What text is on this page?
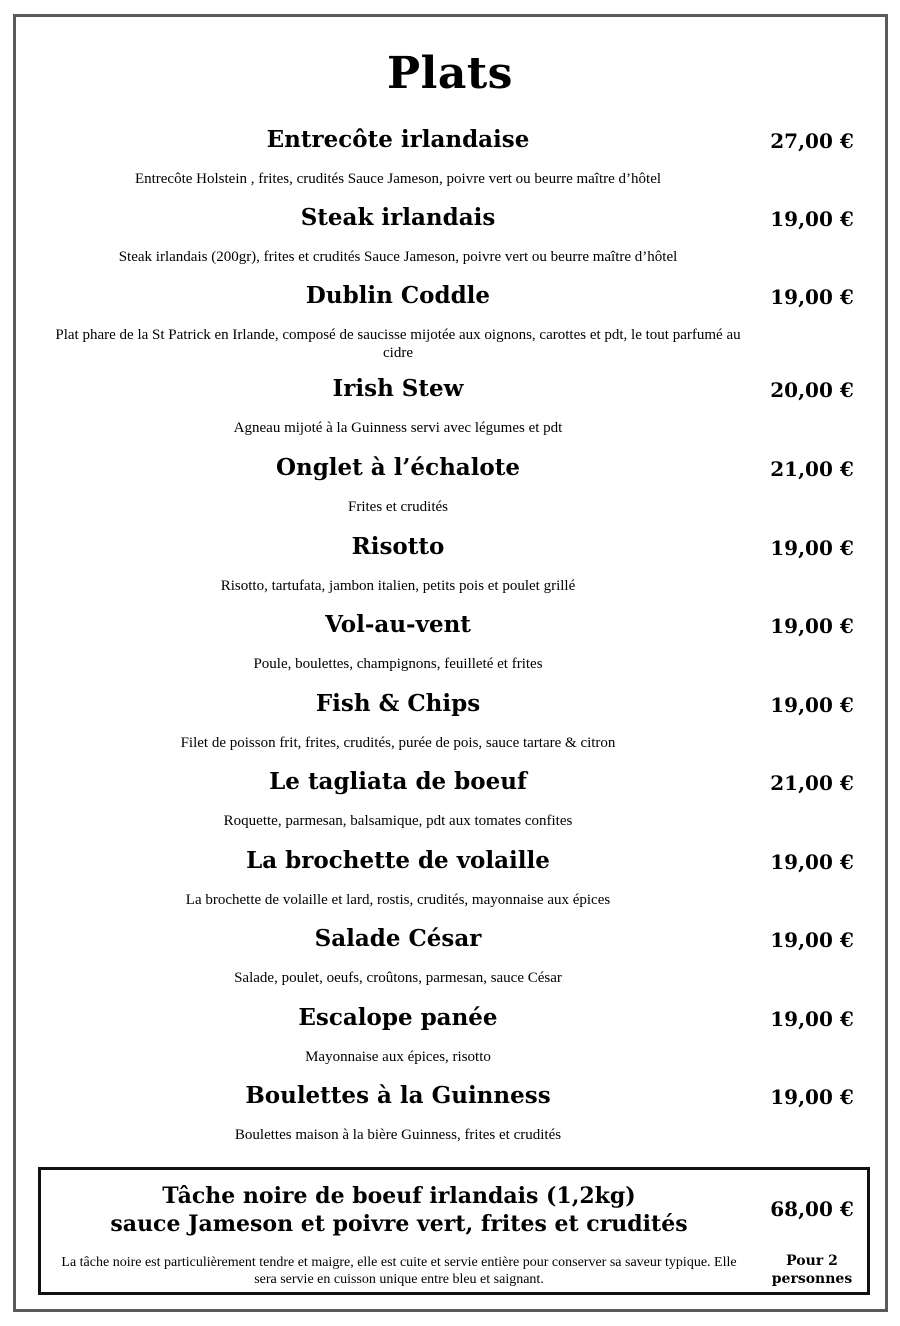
Plats
Entrecôte irlandaise	27,00 €
Entrecôte Holstein , frites, crudités Sauce Jameson, poivre vert ou beurre maître d’hôtel
Steak irlandais	19,00 €
Steak irlandais (200gr), frites et crudités Sauce Jameson, poivre vert ou beurre maître d’hôtel
Dublin Coddle	19,00 €
Plat phare de la St Patrick en Irlande, composé de saucisse mijotée aux oignons, carottes et pdt, le tout parfumé au cidre
Irish Stew	20,00 €
Agneau mijoté à la Guinness servi avec légumes et pdt
Onglet à l’échalote	21,00 €
Frites et crudités
Risotto	19,00 €
Risotto, tartufata, jambon italien, petits pois et poulet grillé
Vol-au-vent	19,00 €
Poule, boulettes, champignons, feuilleté et frites
Fish & Chips	19,00 €
Filet de poisson frit, frites, crudités, purée de pois, sauce tartare & citron
Le tagliata de boeuf	21,00 €
Roquette, parmesan, balsamique, pdt aux tomates confites
La brochette de volaille	19,00 €
La brochette de volaille et lard, rostis, crudités, mayonnaise aux épices
Salade César	19,00 €
Salade, poulet, oeufs, croûtons, parmesan, sauce César
Escalope panée	19,00 €
Mayonnaise aux épices, risotto
Boulettes à la Guinness	19,00 €
Boulettes maison à la bière Guinness, frites et crudités
Tâche noire de boeuf irlandais (1,2kg)
sauce Jameson et poivre vert, frites et crudités
68,00 €
La tâche noire est particulièrement tendre et maigre, elle est cuite et servie entière pour conserver sa saveur typique. Elle sera servie en cuisson unique entre bleu et saignant.
Pour 2
personnes
